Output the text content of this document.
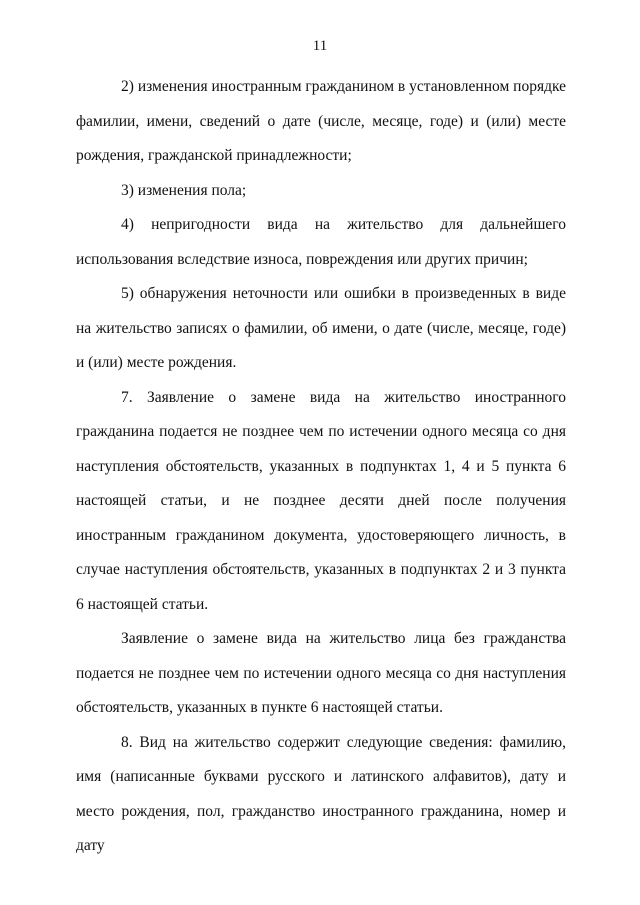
11

2) изменения иностранным гражданином в установленном порядке фамилии, имени, сведений о дате (числе, месяце, годе) и (или) месте рождения, гражданской принадлежности;

3) изменения пола;

4) непригодности вида на жительство для дальнейшего использования вследствие износа, повреждения или других причин;

5) обнаружения неточности или ошибки в произведенных в виде на жительство записях о фамилии, об имени, о дате (числе, месяце, годе) и (или) месте рождения.

7. Заявление о замене вида на жительство иностранного гражданина подается не позднее чем по истечении одного месяца со дня наступления обстоятельств, указанных в подпунктах 1, 4 и 5 пункта 6 настоящей статьи, и не позднее десяти дней после получения иностранным гражданином документа, удостоверяющего личность, в случае наступления обстоятельств, указанных в подпунктах 2 и 3 пункта 6 настоящей статьи.

Заявление о замене вида на жительство лица без гражданства подается не позднее чем по истечении одного месяца со дня наступления обстоятельств, указанных в пункте 6 настоящей статьи.

8. Вид на жительство содержит следующие сведения: фамилию, имя (написанные буквами русского и латинского алфавитов), дату и место рождения, пол, гражданство иностранного гражданина, номер и дату
